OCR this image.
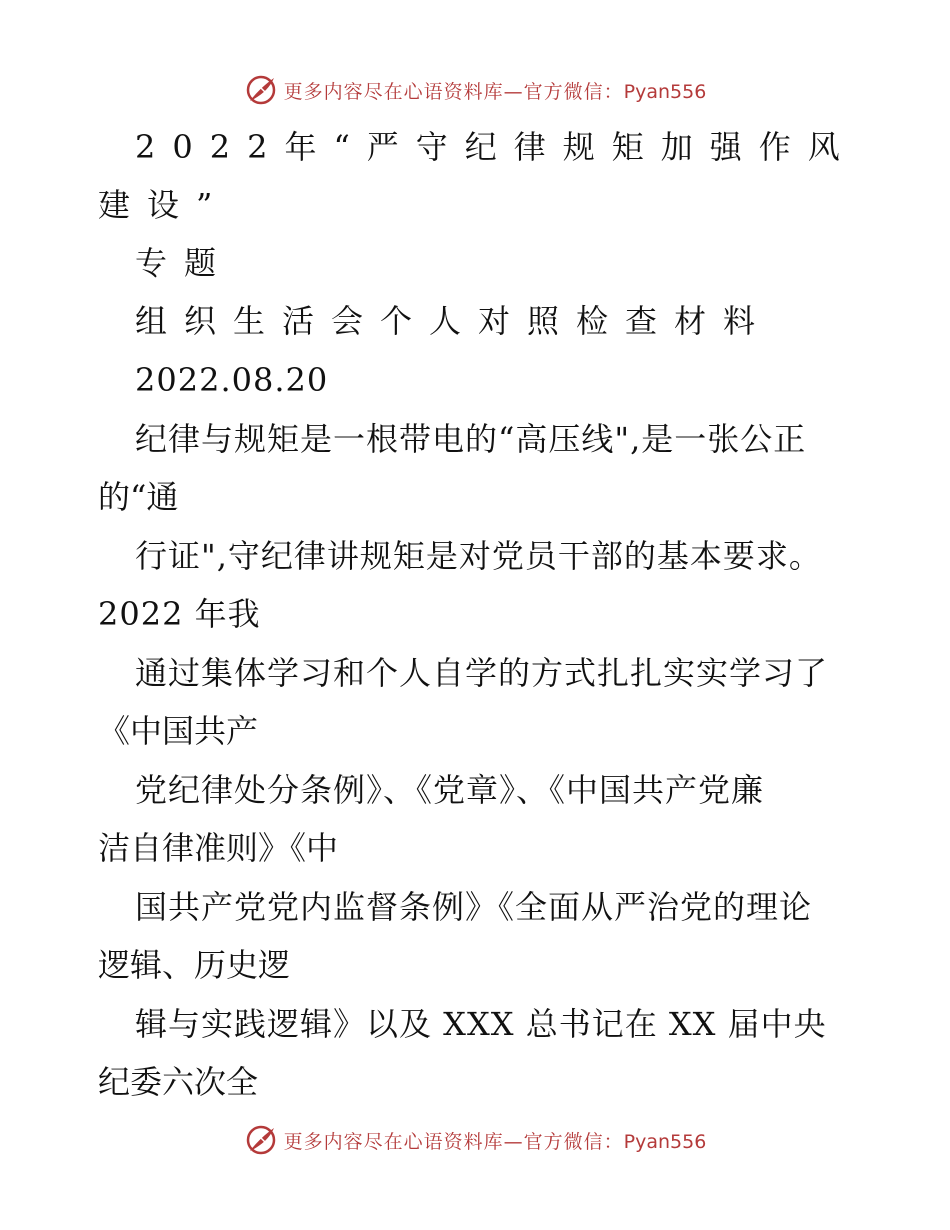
更多内容尽在心语资料库—官方微信：Pyan556
2022年“严守纪律规矩加强作风
建设”
专题
组织生活会个人对照检查材料
2022.08.20
纪律与规矩是一根带电的“高压线",是一张公正
的“通
行证",守纪律讲规矩是对党员干部的基本要求。
2022 年我
通过集体学习和个人自学的方式扎扎实实学习了
《中国共产
党纪律处分条例》、《党章》、《中国共产党廉
洁自律准则》《中
国共产党党内监督条例》《全面从严治党的理论
逻辑、历史逻
辑与实践逻辑》以及 XXX 总书记在 XX 届中央
纪委六次全
更多内容尽在心语资料库—官方微信：Pyan556
